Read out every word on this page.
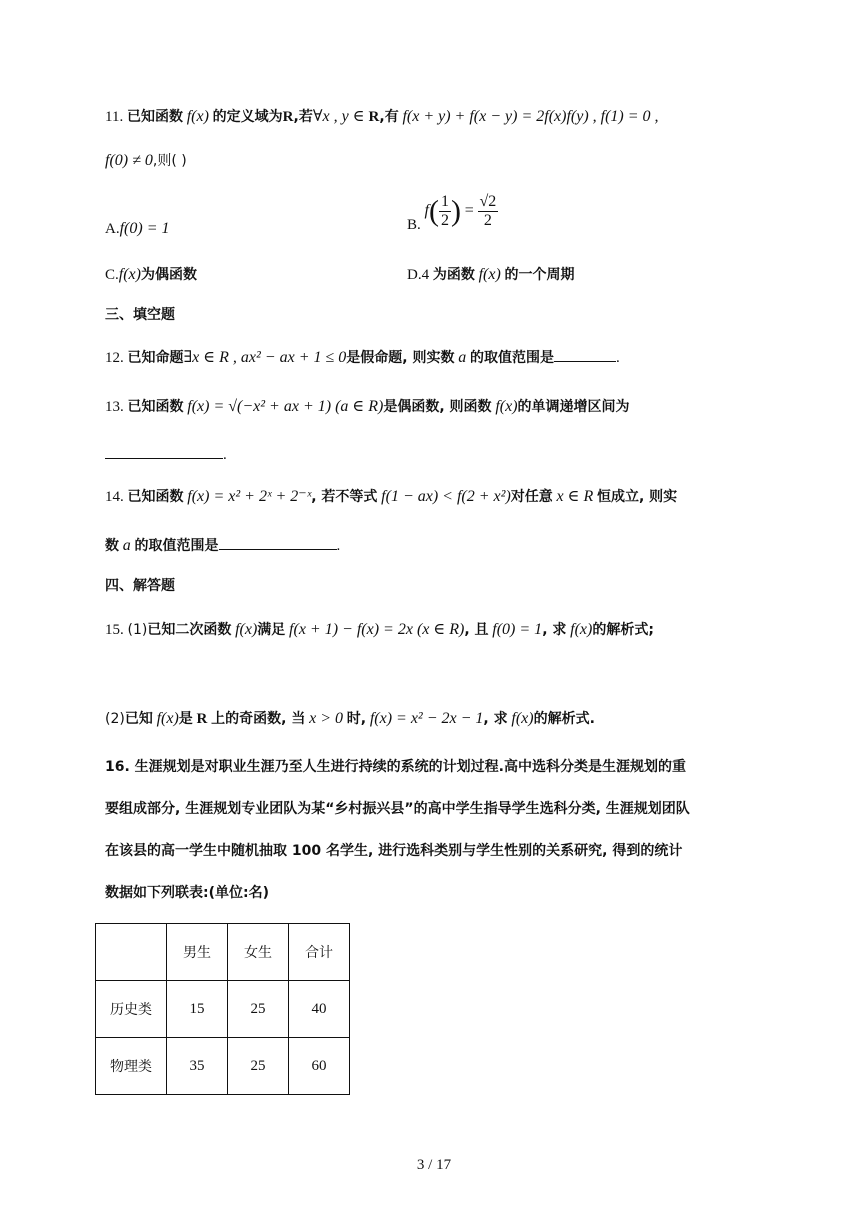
11. 已知函数 f(x) 的定义域为R,若∀x , y ∈ R,有 f(x + y) + f(x − y) = 2f(x)f(y) , f(1) = 0 ,
f(0) ≠ 0,则( )
A.f(0) = 1	B. $f( \frac{1}{2}$ ) = $\frac{√2}{2}$
C.f(x)为偶函数	D.4 为函数 f(x) 的一个周期
三、填空题
12. 已知命题∃x ∈ R , ax² − ax + 1 ≤ 0是假命题, 则实数 a 的取值范围是	.
13. 已知函数 f(x) = √(−x² + ax + 1) (a ∈ R)是偶函数, 则函数 f(x)的单调递增区间为
.
14. 已知函数 f(x) = x² + 2ˣ + 2⁻ˣ, 若不等式 f(1 − ax) < f(2 + x²)对任意 x ∈ R 恒成立, 则实
数 a 的取值范围是	.
四、解答题
15. (1)已知二次函数 f(x)满足 f(x + 1) − f(x) = 2x (x ∈ R), 且 f(0) = 1, 求 f(x)的解析式;
(2)已知 f(x)是 R 上的奇函数, 当 x > 0 时, f(x) = x² − 2x − 1, 求 f(x)的解析式.
16. 生涯规划是对职业生涯乃至人生进行持续的系统的计划过程.高中选科分类是生涯规划的重
要组成部分, 生涯规划专业团队为某“乡村振兴县”的高中学生指导学生选科分类, 生涯规划团队
在该县的高一学生中随机抽取 100 名学生, 进行选科类别与学生性别的关系研究, 得到的统计
数据如下列联表:(单位:名)
	男生	女生	合计
历史类	15	25	40
物理类	35	25	60
3 / 17
